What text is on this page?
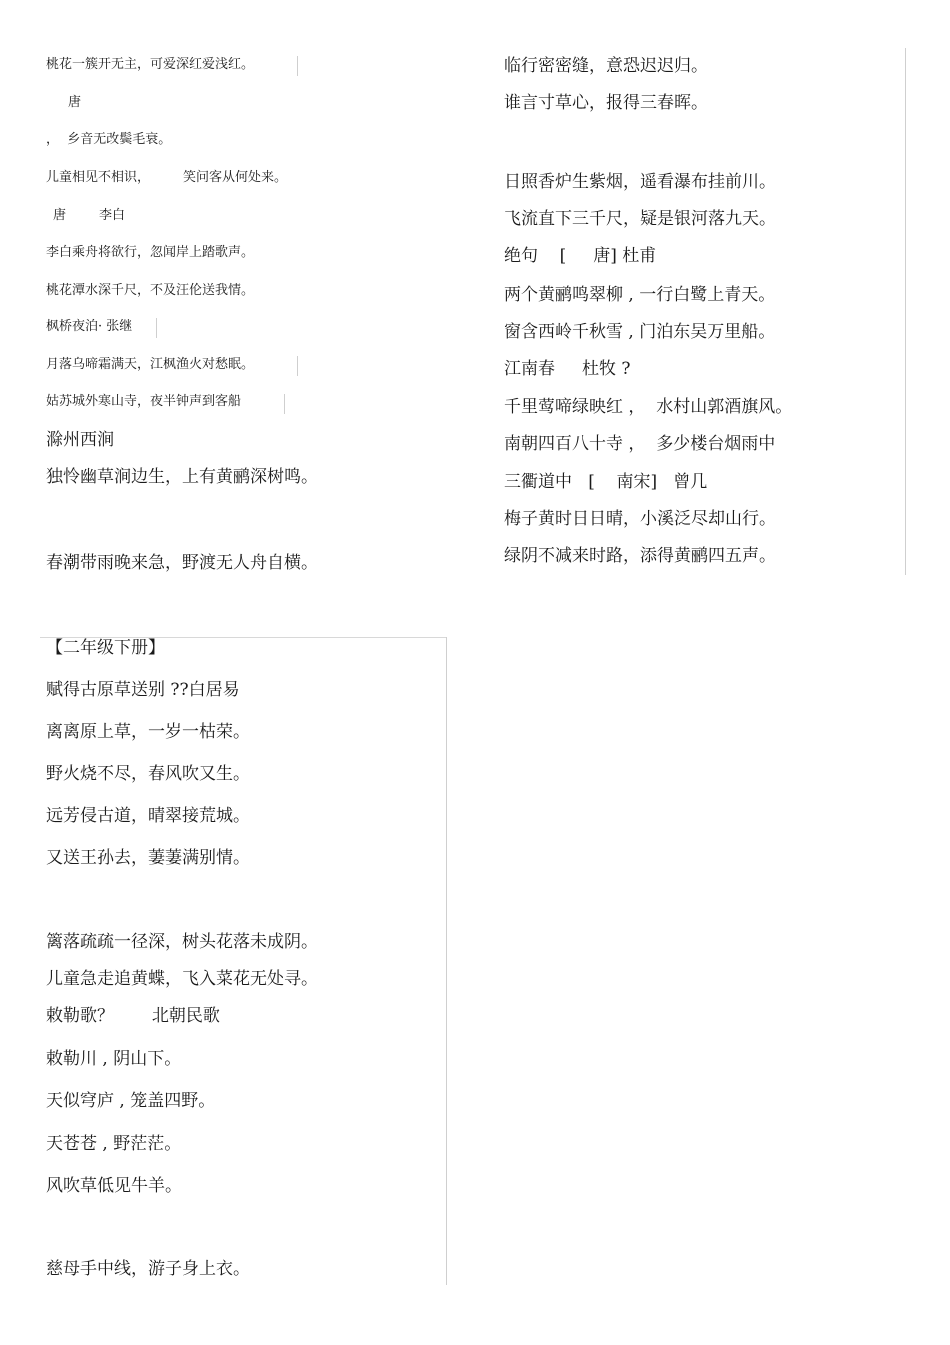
桃花一簇开无主，可爱深红爱浅红。
唐
，  乡音无改鬓毛衰。
儿童相见不相识，        笑问客从何处来。
唐        李白
李白乘舟将欲行，忽闻岸上踏歌声。
桃花潭水深千尺，不及汪伦送我情。
枫桥夜泊· 张继
月落乌啼霜满天，江枫渔火对愁眠。
姑苏城外寒山寺，夜半钟声到客船
滁州西涧
独怜幽草涧边生，上有黄鹂深树鸣。
春潮带雨晚来急，野渡无人舟自横。
【二年级下册】
赋得古原草送别 ??白居易
离离原上草，一岁一枯荣。
野火烧不尽，春风吹又生。
远芳侵古道，晴翠接荒城。
又送王孙去，萋萋满别情。
篱落疏疏一径深，树头花落未成阴。
儿童急走追黄蝶，飞入菜花无处寻。
敕勒歌？       北朝民歌
敕勒川 , 阴山下。
天似穹庐 , 笼盖四野。
天苍苍 , 野茫茫。
风吹草低见牛羊。
慈母手中线，游子身上衣。
临行密密缝，意恐迟迟归。
谁言寸草心，报得三春晖。
日照香炉生紫烟，遥看瀑布挂前川。
飞流直下三千尺，疑是银河落九天。
绝句    [     唐] 杜甫
两个黄鹂鸣翠柳 , 一行白鹭上青天。
窗含西岭千秋雪 , 门泊东吴万里船。
江南春     杜牧 ?
千里莺啼绿映红 ，  水村山郭酒旗风。
南朝四百八十寺 ，  多少楼台烟雨中
三衢道中   [    南宋]   曾几
梅子黄时日日晴，小溪泛尽却山行。
绿阴不减来时路，添得黄鹂四五声。
